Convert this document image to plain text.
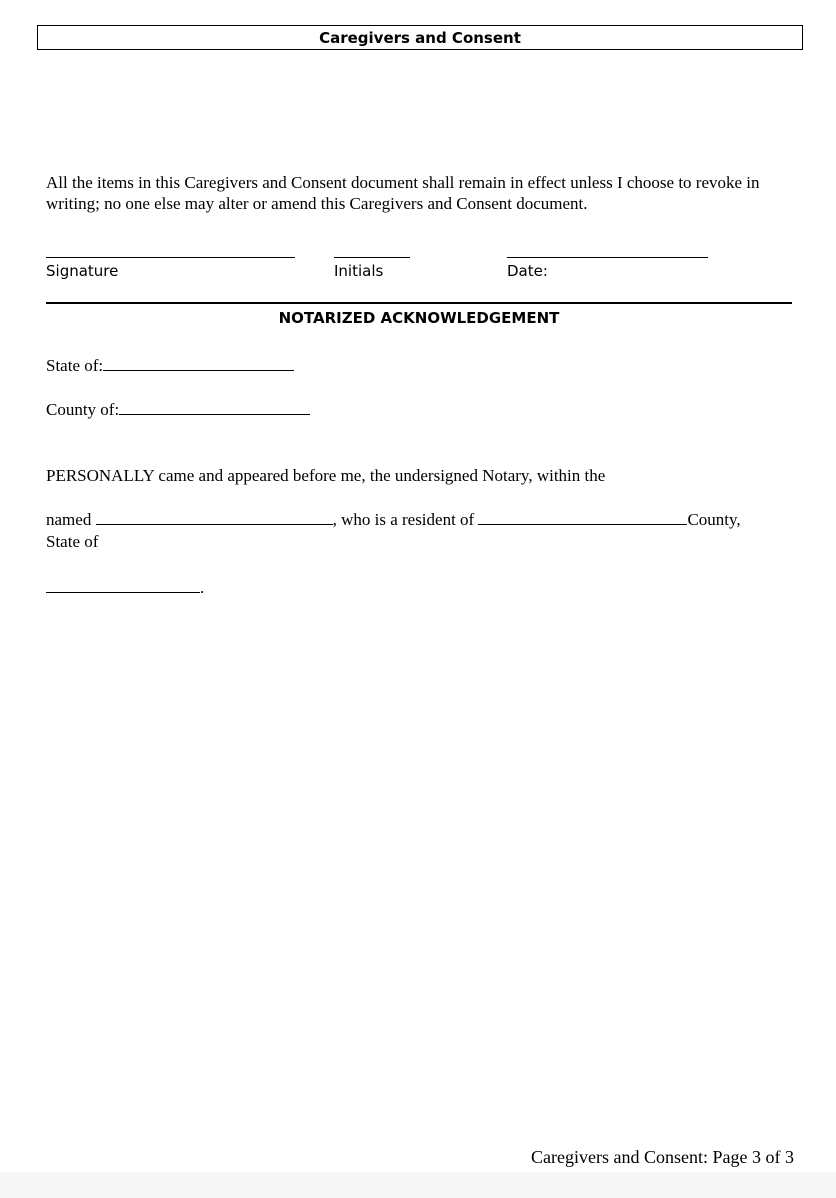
Caregivers and Consent
All the items in this Caregivers and Consent document shall remain in effect unless I choose to revoke in writing; no one else may alter or amend this Caregivers and Consent document.
Signature	Initials	Date:
NOTARIZED ACKNOWLEDGEMENT
State of:
County of:
PERSONALLY came and appeared before me, the undersigned Notary, within the
named	, who is a resident of	County,
State of
.
Caregivers and Consent: Page 3 of 3
